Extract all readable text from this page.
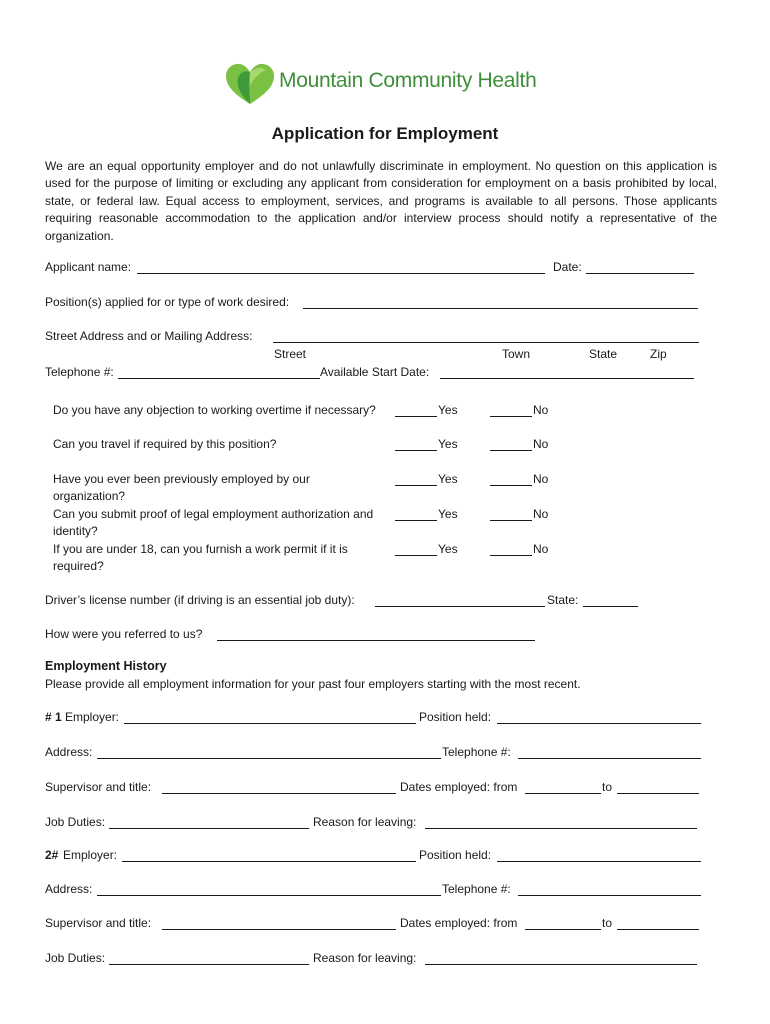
Mountain Community Health
Application for Employment
We are an equal opportunity employer and do not unlawfully discriminate in employment. No question on this application is used for the purpose of limiting or excluding any applicant from consideration for employment on a basis prohibited by local, state, or federal law. Equal access to employment, services, and programs is available to all persons. Those applicants requiring reasonable accommodation to the application and/or interview process should notify a representative of the organization.
Applicant name:	Date:
Position(s) applied for or type of work desired:
Street Address and or Mailing Address:
Street	Town	State	Zip
Telephone #:	Available Start Date:
Do you have any objection to working overtime if necessary?	Yes	No
Can you travel if required by this position?	Yes	No
Have you ever been previously employed by our organization?
Yes	No
Can you submit proof of legal employment authorization and identity?
Yes	No
If you are under 18, can you furnish a work permit if it is required?
Yes	No
Driver’s license number (if driving is an essential job duty):	State:
How were you referred to us?
Employment History
Please provide all employment information for your past four employers starting with the most recent.
# 1 Employer:	Position held:
Address:	Telephone #:
Supervisor and title:	Dates employed: from	to
Job Duties:	Reason for leaving:
2# Employer:	Position held:
Address:	Telephone #:
Supervisor and title:	Dates employed: from	to
Job Duties:	Reason for leaving:
